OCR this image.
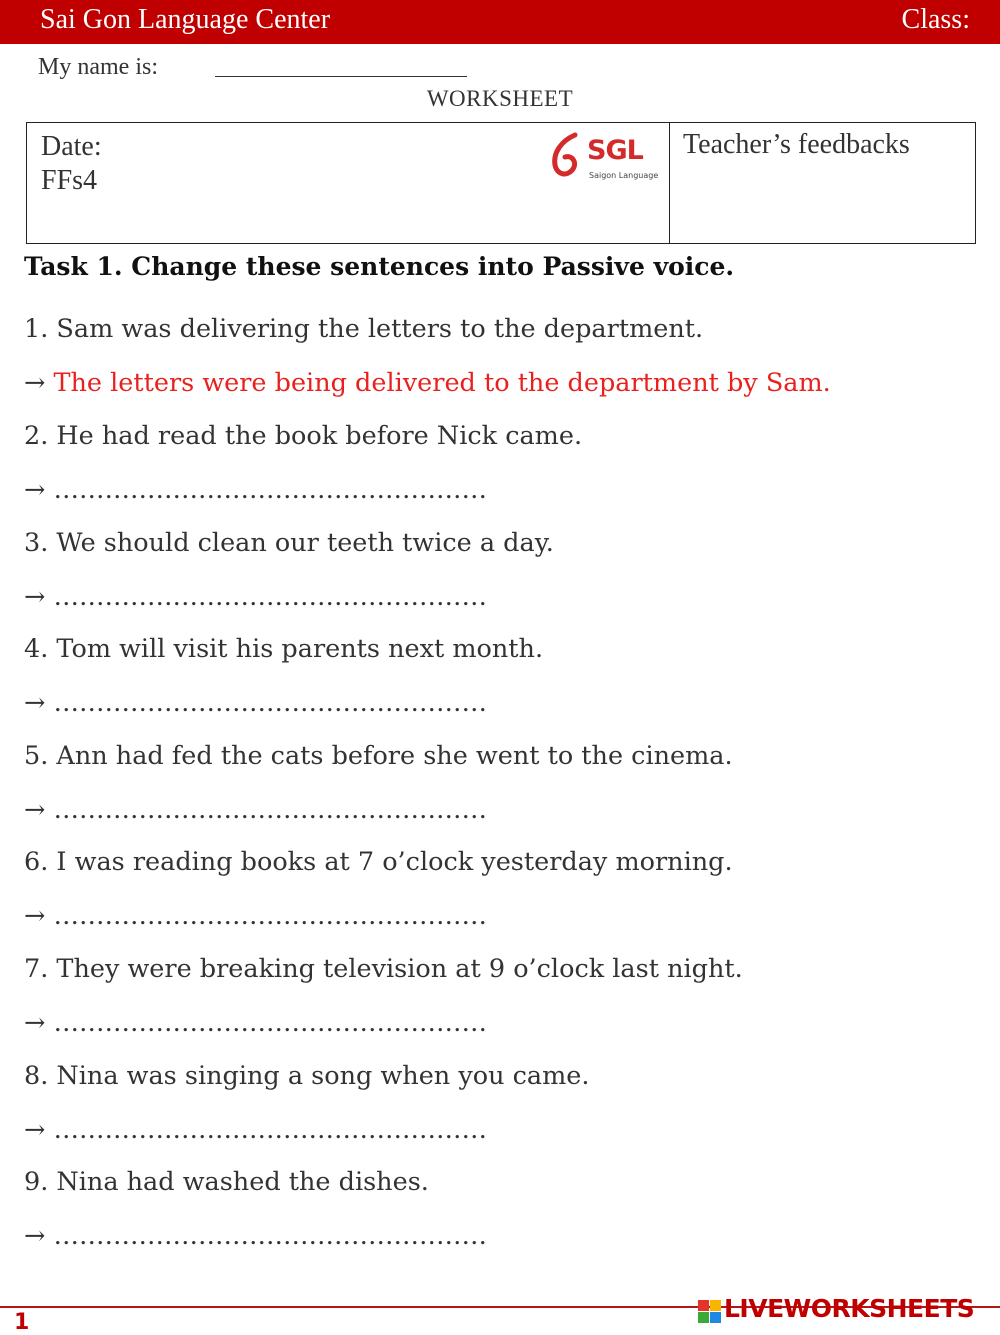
Sai Gon Language Center	Class:
My name is:
WORKSHEET
Date:
FFs4
SGL
Saigon Language
Teacher’s feedbacks
Task 1. Change these sentences into Passive voice.
1. Sam was delivering the letters to the department.
→ The letters were being delivered to the department by Sam.
2. He had read the book before Nick came.
→ ……………………………………………
3. We should clean our teeth twice a day.
→ ……………………………………………
4. Tom will visit his parents next month.
→ ……………………………………………
5. Ann had fed the cats before she went to the cinema.
→ ……………………………………………
6. I was reading books at 7 o’clock yesterday morning.
→ ……………………………………………
7. They were breaking television at 9 o’clock last night.
→ ……………………………………………
8. Nina was singing a song when you came.
→ ……………………………………………
9. Nina had washed the dishes.
→ ……………………………………………
1	LIVEWORKSHEETS
